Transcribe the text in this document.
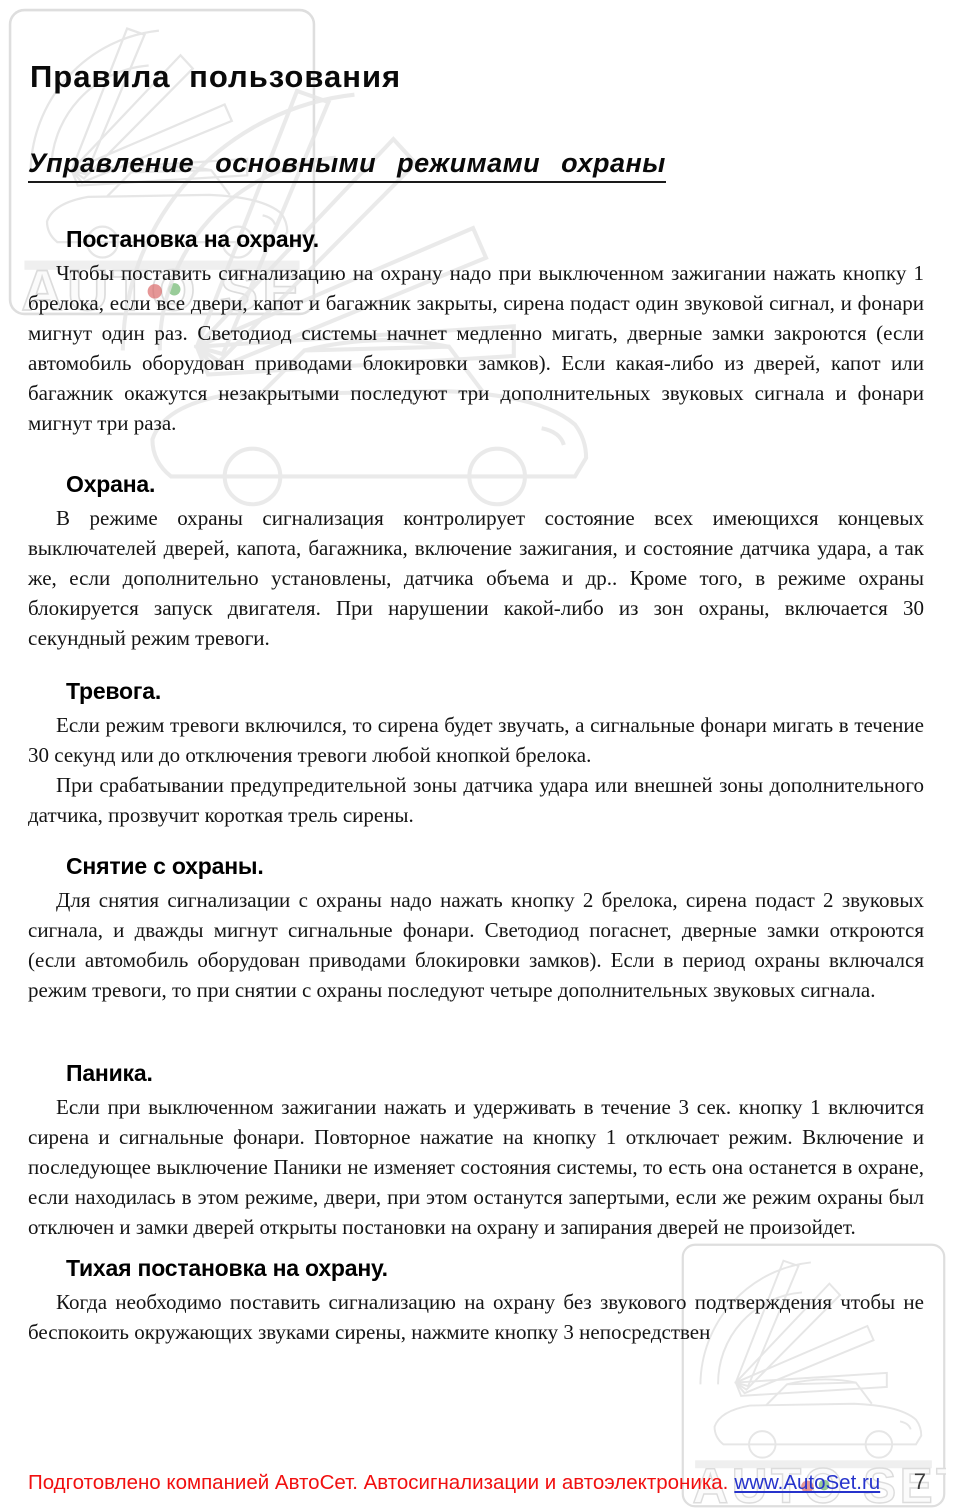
Правила пользования
Управление основными режимами охраны
Постановка на охрану.

Чтобы поставить сигнализацию на охрану надо при выключенном зажигании нажать кнопку 1 брелока, если все двери, капот и багажник закрыты, сирена подаст один звуковой сигнал, и фонари мигнут один раз. Светодиод системы начнет медленно мигать, дверные замки закроются (если автомобиль оборудован приводами блокировки замков). Если какая-либо из дверей, капот или багажник окажутся незакрытыми последуют три дополнительных звуковых сигнала и фонари мигнут три раза.

Охрана.

В режиме охраны сигнализация контролирует состояние всех имеющихся концевых выключателей дверей, капота, багажника, включение зажигания, и состояние датчика удара, а так же, если дополнительно установлены, датчика объема и др.. Кроме того, в режиме охраны блокируется запуск двигателя. При нарушении какой-либо из зон охраны, включается 30 секундный режим тревоги.

Тревога.

Если режим тревоги включился, то сирена будет звучать, а сигнальные фонари мигать в течение 30 секунд или до отключения тревоги любой кнопкой брелока.

При срабатывании предупредительной зоны датчика удара или внешней зоны дополнительного датчика, прозвучит короткая трель сирены.

Снятие с охраны.

Для снятия сигнализации с охраны надо нажать кнопку 2 брелока, сирена подаст 2 звуковых сигнала, и дважды мигнут сигнальные фонари. Светодиод погаснет, дверные замки откроются (если автомобиль оборудован приводами блокировки замков). Если в период охраны включался режим тревоги, то при снятии с охраны последуют четыре дополнительных звуковых сигнала.

Паника.

Если при выключенном зажигании нажать и удерживать в течение 3 сек. кнопку 1 включится сирена и сигнальные фонари. Повторное нажатие на кнопку 1 отключает режим. Включение и последующее выключение Паники не изменяет состояния системы, то есть она останется в охране, если находилась в этом режиме, двери, при этом останутся запертыми, если же режим охраны был отключен и замки дверей открыты постановки на охрану и запирания дверей не произойдет.

Тихая постановка на охрану.

Когда необходимо поставить сигнализацию на охрану без звукового подтверждения чтобы не беспокоить окружающих звуками сирены, нажмите кнопку 3 непосредствен

Подготовлено компанией АвтоСет. Автосигнализации и автоэлектроника. www.AutoSet.ru	7
